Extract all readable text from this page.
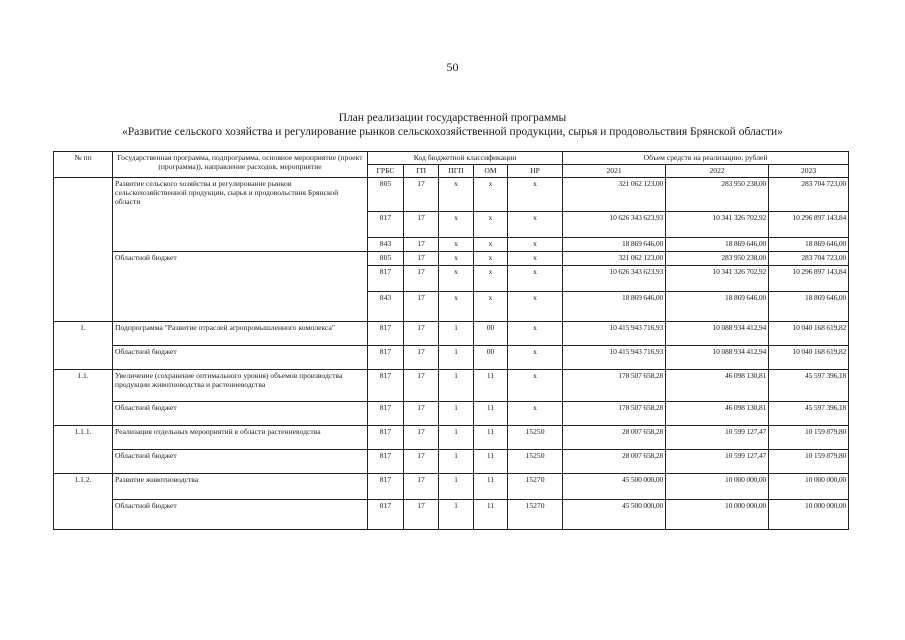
50
План реализации государственной программы
«Развитие сельского хозяйства и регулирование рынков сельскохозяйственной продукции, сырья и продовольствия Брянской области»
№ пп	Государственная программа, подпрограмма, основное мероприятие (проект (программа)), направление расходов, мероприятие	Код бюджетной классификации					Объем средств на реализацию, рублей		
		ГРБС	ГП	ПГП	ОМ	НР	2021	2022	2023
	Развитие сельского хозяйства и регулирование рынков сельскохозяйственной продукции, сырья и продовольствия Брянской области	805	17	х	х	х	321 062 123,00	283 950 238,00	283 704 723,00
		817	17	х	х	х	10 626 343 623,93	10 341 326 702,92	10 296 897 143,84
		843	17	х	х	х	18 869 646,00	18 869 646,00	18 869 646,00
	Областной бюджет	805	17	х	х	х	321 062 123,00	283 950 238,00	283 704 723,00
		817	17	х	х	х	10 626 343 623,93	10 341 326 702,92	10 296 897 143,84
		843	17	х	х	х	18 869 646,00	18 869 646,00	18 869 646,00
1.	Подпрограмма "Развитие отраслей агропромышленного комплекса"	817	17	1	00	х	10 415 943 716,93	10 088 934 412,94	10 040 168 619,82
	Областной бюджет	817	17	1	00	х	10 415 943 716,93	10 088 934 412,94	10 040 168 619,82
1.1.	Увеличение (сохранение оптимального уровня) объемов производства продукции животноводства и растениеводства	817	17	1	11	х	178 507 658,28	46 098 130,81	45 597 396,18
	Областной бюджет	817	17	1	11	х	178 507 658,28	46 098 130,81	45 597 396,18
1.1.1.	Реализация отдельных мероприятий в области растениеводства	817	17	1	11	15250	28 007 658,28	10 599 127,47	10 159 879,80
	Областной бюджет	817	17	1	11	15250	28 007 658,28	10 599 127,47	10 159 879,80
1.1.2.	Развитие животноводства	817	17	1	11	15270	45 500 000,00	10 000 000,00	10 000 000,00
	Областной бюджет	817	17	1	11	15270	45 500 000,00	10 000 000,00	10 000 000,00
